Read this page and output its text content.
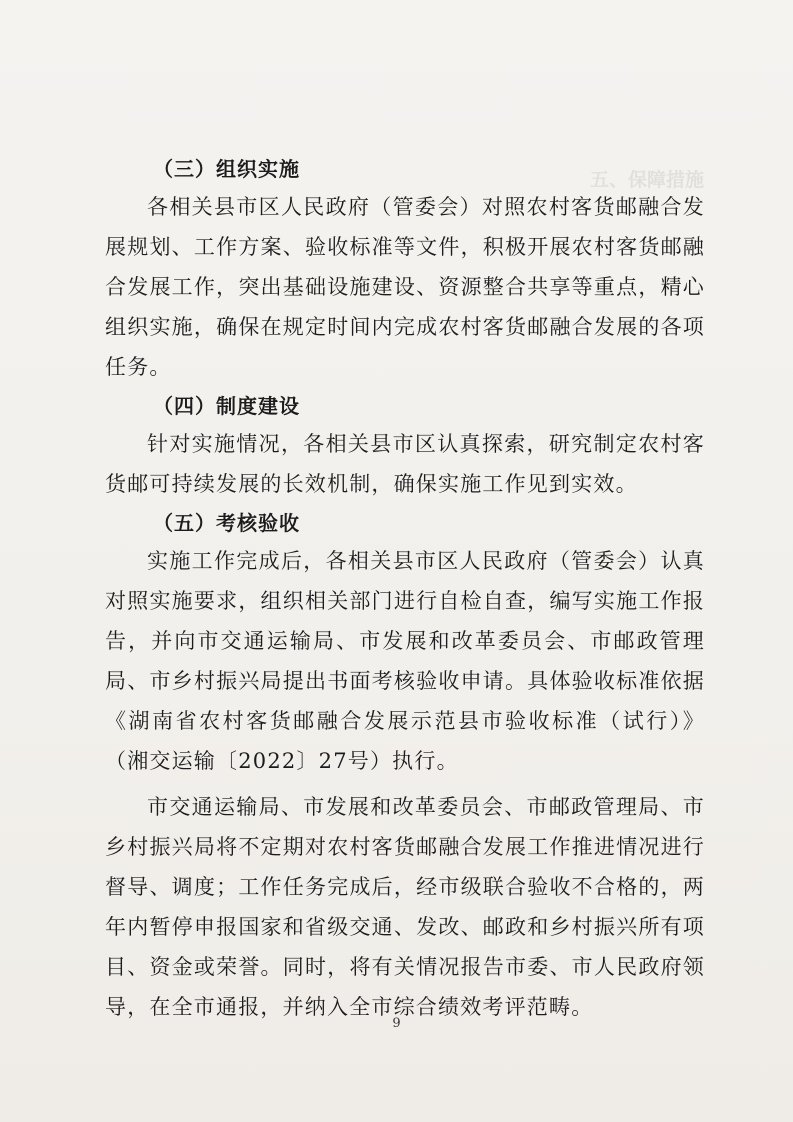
五、保障措施

（三）组织实施

各相关县市区人民政府（管委会）对照农村客货邮融合发展规划、工作方案、验收标准等文件，积极开展农村客货邮融合发展工作，突出基础设施建设、资源整合共享等重点，精心组织实施，确保在规定时间内完成农村客货邮融合发展的各项任务。

（四）制度建设

针对实施情况，各相关县市区认真探索，研究制定农村客货邮可持续发展的长效机制，确保实施工作见到实效。

（五）考核验收

实施工作完成后，各相关县市区人民政府（管委会）认真对照实施要求，组织相关部门进行自检自查，编写实施工作报告，并向市交通运输局、市发展和改革委员会、市邮政管理局、市乡村振兴局提出书面考核验收申请。具体验收标准依据《湖南省农村客货邮融合发展示范县市验收标准（试行）》（湘交运输〔2022〕27号）执行。

市交通运输局、市发展和改革委员会、市邮政管理局、市乡村振兴局将不定期对农村客货邮融合发展工作推进情况进行督导、调度；工作任务完成后，经市级联合验收不合格的，两年内暂停申报国家和省级交通、发改、邮政和乡村振兴所有项目、资金或荣誉。同时，将有关情况报告市委、市人民政府领导，在全市通报，并纳入全市综合绩效考评范畴。

9
